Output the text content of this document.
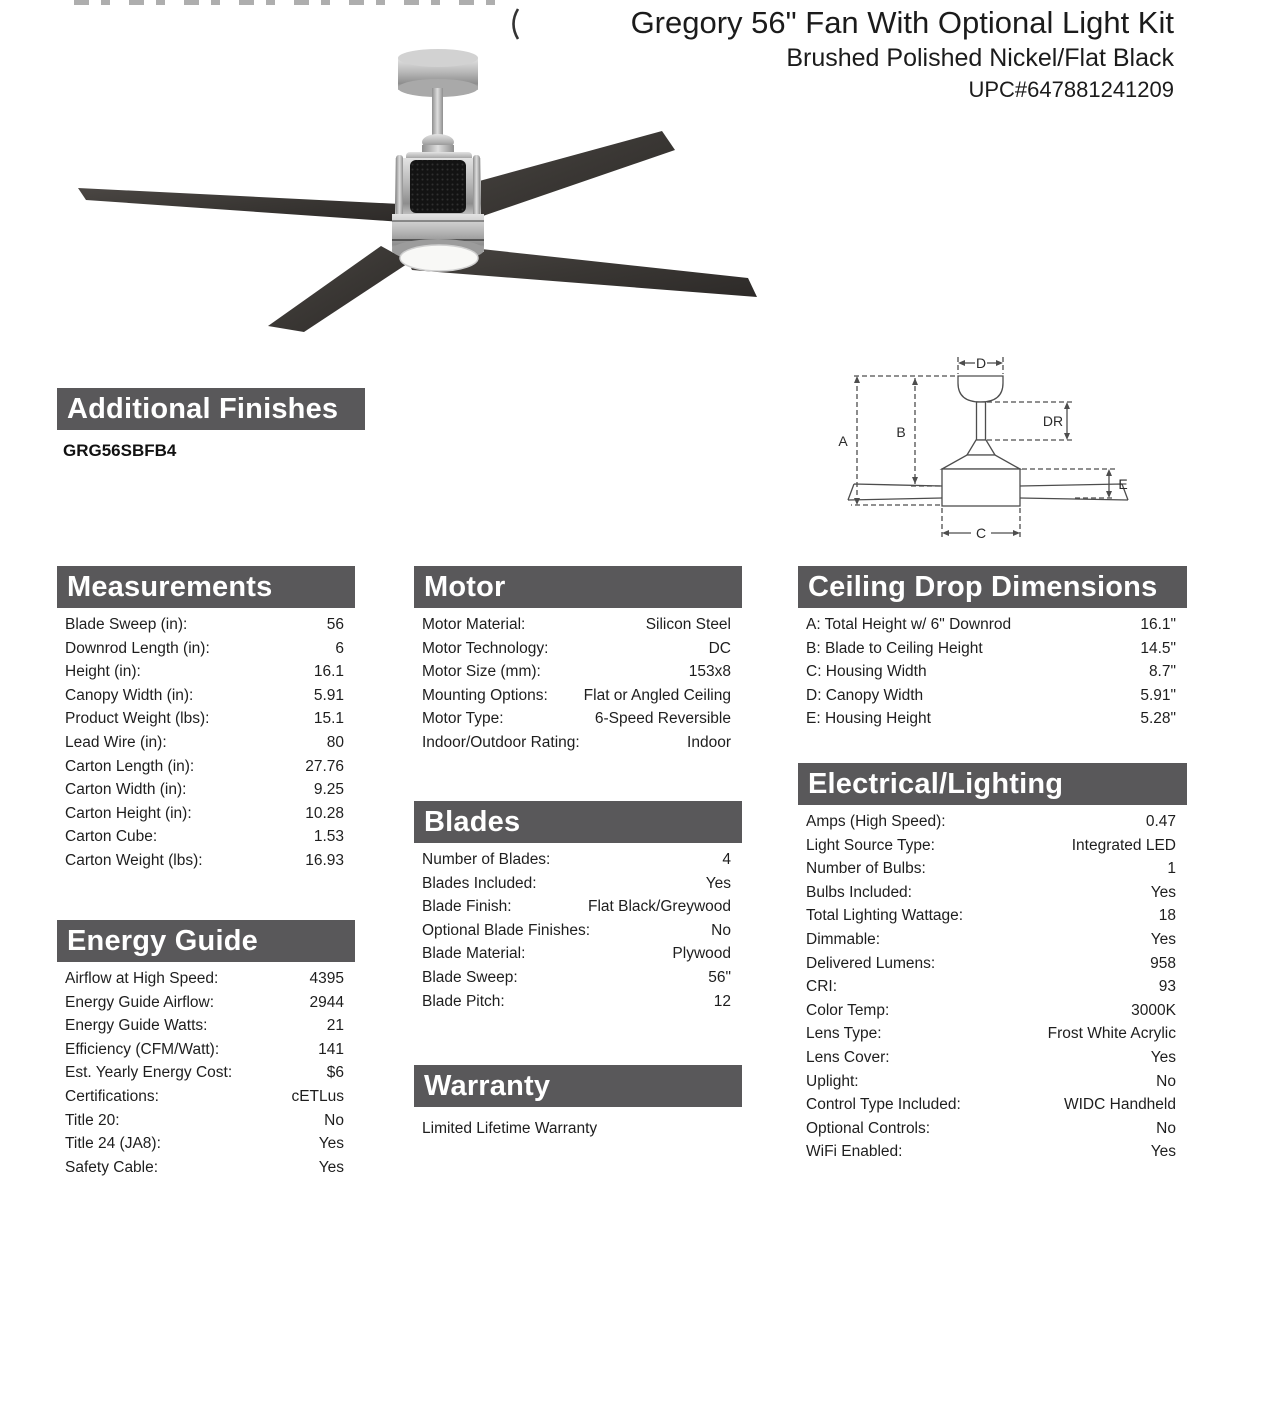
Gregory 56" Fan With Optional Light Kit
Brushed Polished Nickel/Flat Black
UPC#647881241209
D
A
B
DR
E
C
Additional Finishes
GRG56SBFB4
Measurements
Blade Sweep (in):	56
Downrod Length (in):	6
Height (in):	16.1
Canopy Width (in):	5.91
Product Weight (lbs):	15.1
Lead Wire (in):	80
Carton Length (in):	27.76
Carton Width (in):	9.25
Carton Height (in):	10.28
Carton Cube:	1.53
Carton Weight (lbs):	16.93
Energy Guide
Airflow at High Speed:	4395
Energy Guide Airflow:	2944
Energy Guide Watts:	21
Efficiency (CFM/Watt):	141
Est. Yearly Energy Cost:	$6
Certifications:	cETLus
Title 20:	No
Title 24 (JA8):	Yes
Safety Cable:	Yes
Motor
Motor Material:	Silicon Steel
Motor Technology:	DC
Motor Size (mm):	153x8
Mounting Options:	Flat or Angled Ceiling
Motor Type:	6-Speed Reversible
Indoor/Outdoor Rating:	Indoor
Blades
Number of Blades:	4
Blades Included:	Yes
Blade Finish:	Flat Black/Greywood
Optional Blade Finishes:	No
Blade Material:	Plywood
Blade Sweep:	56"
Blade Pitch:	12
Warranty
Limited Lifetime Warranty
Ceiling Drop Dimensions
A: Total Height w/ 6" Downrod	16.1"
B: Blade to Ceiling Height	14.5"
C: Housing Width	8.7"
D: Canopy Width	5.91"
E: Housing Height	5.28"
Electrical/Lighting
Amps (High Speed):	0.47
Light Source Type:	Integrated LED
Number of Bulbs:	1
Bulbs Included:	Yes
Total Lighting Wattage:	18
Dimmable:	Yes
Delivered Lumens:	958
CRI:	93
Color Temp:	3000K
Lens Type:	Frost White Acrylic
Lens Cover:	Yes
Uplight:	No
Control Type Included:	WIDC Handheld
Optional Controls:	No
WiFi Enabled:	Yes
